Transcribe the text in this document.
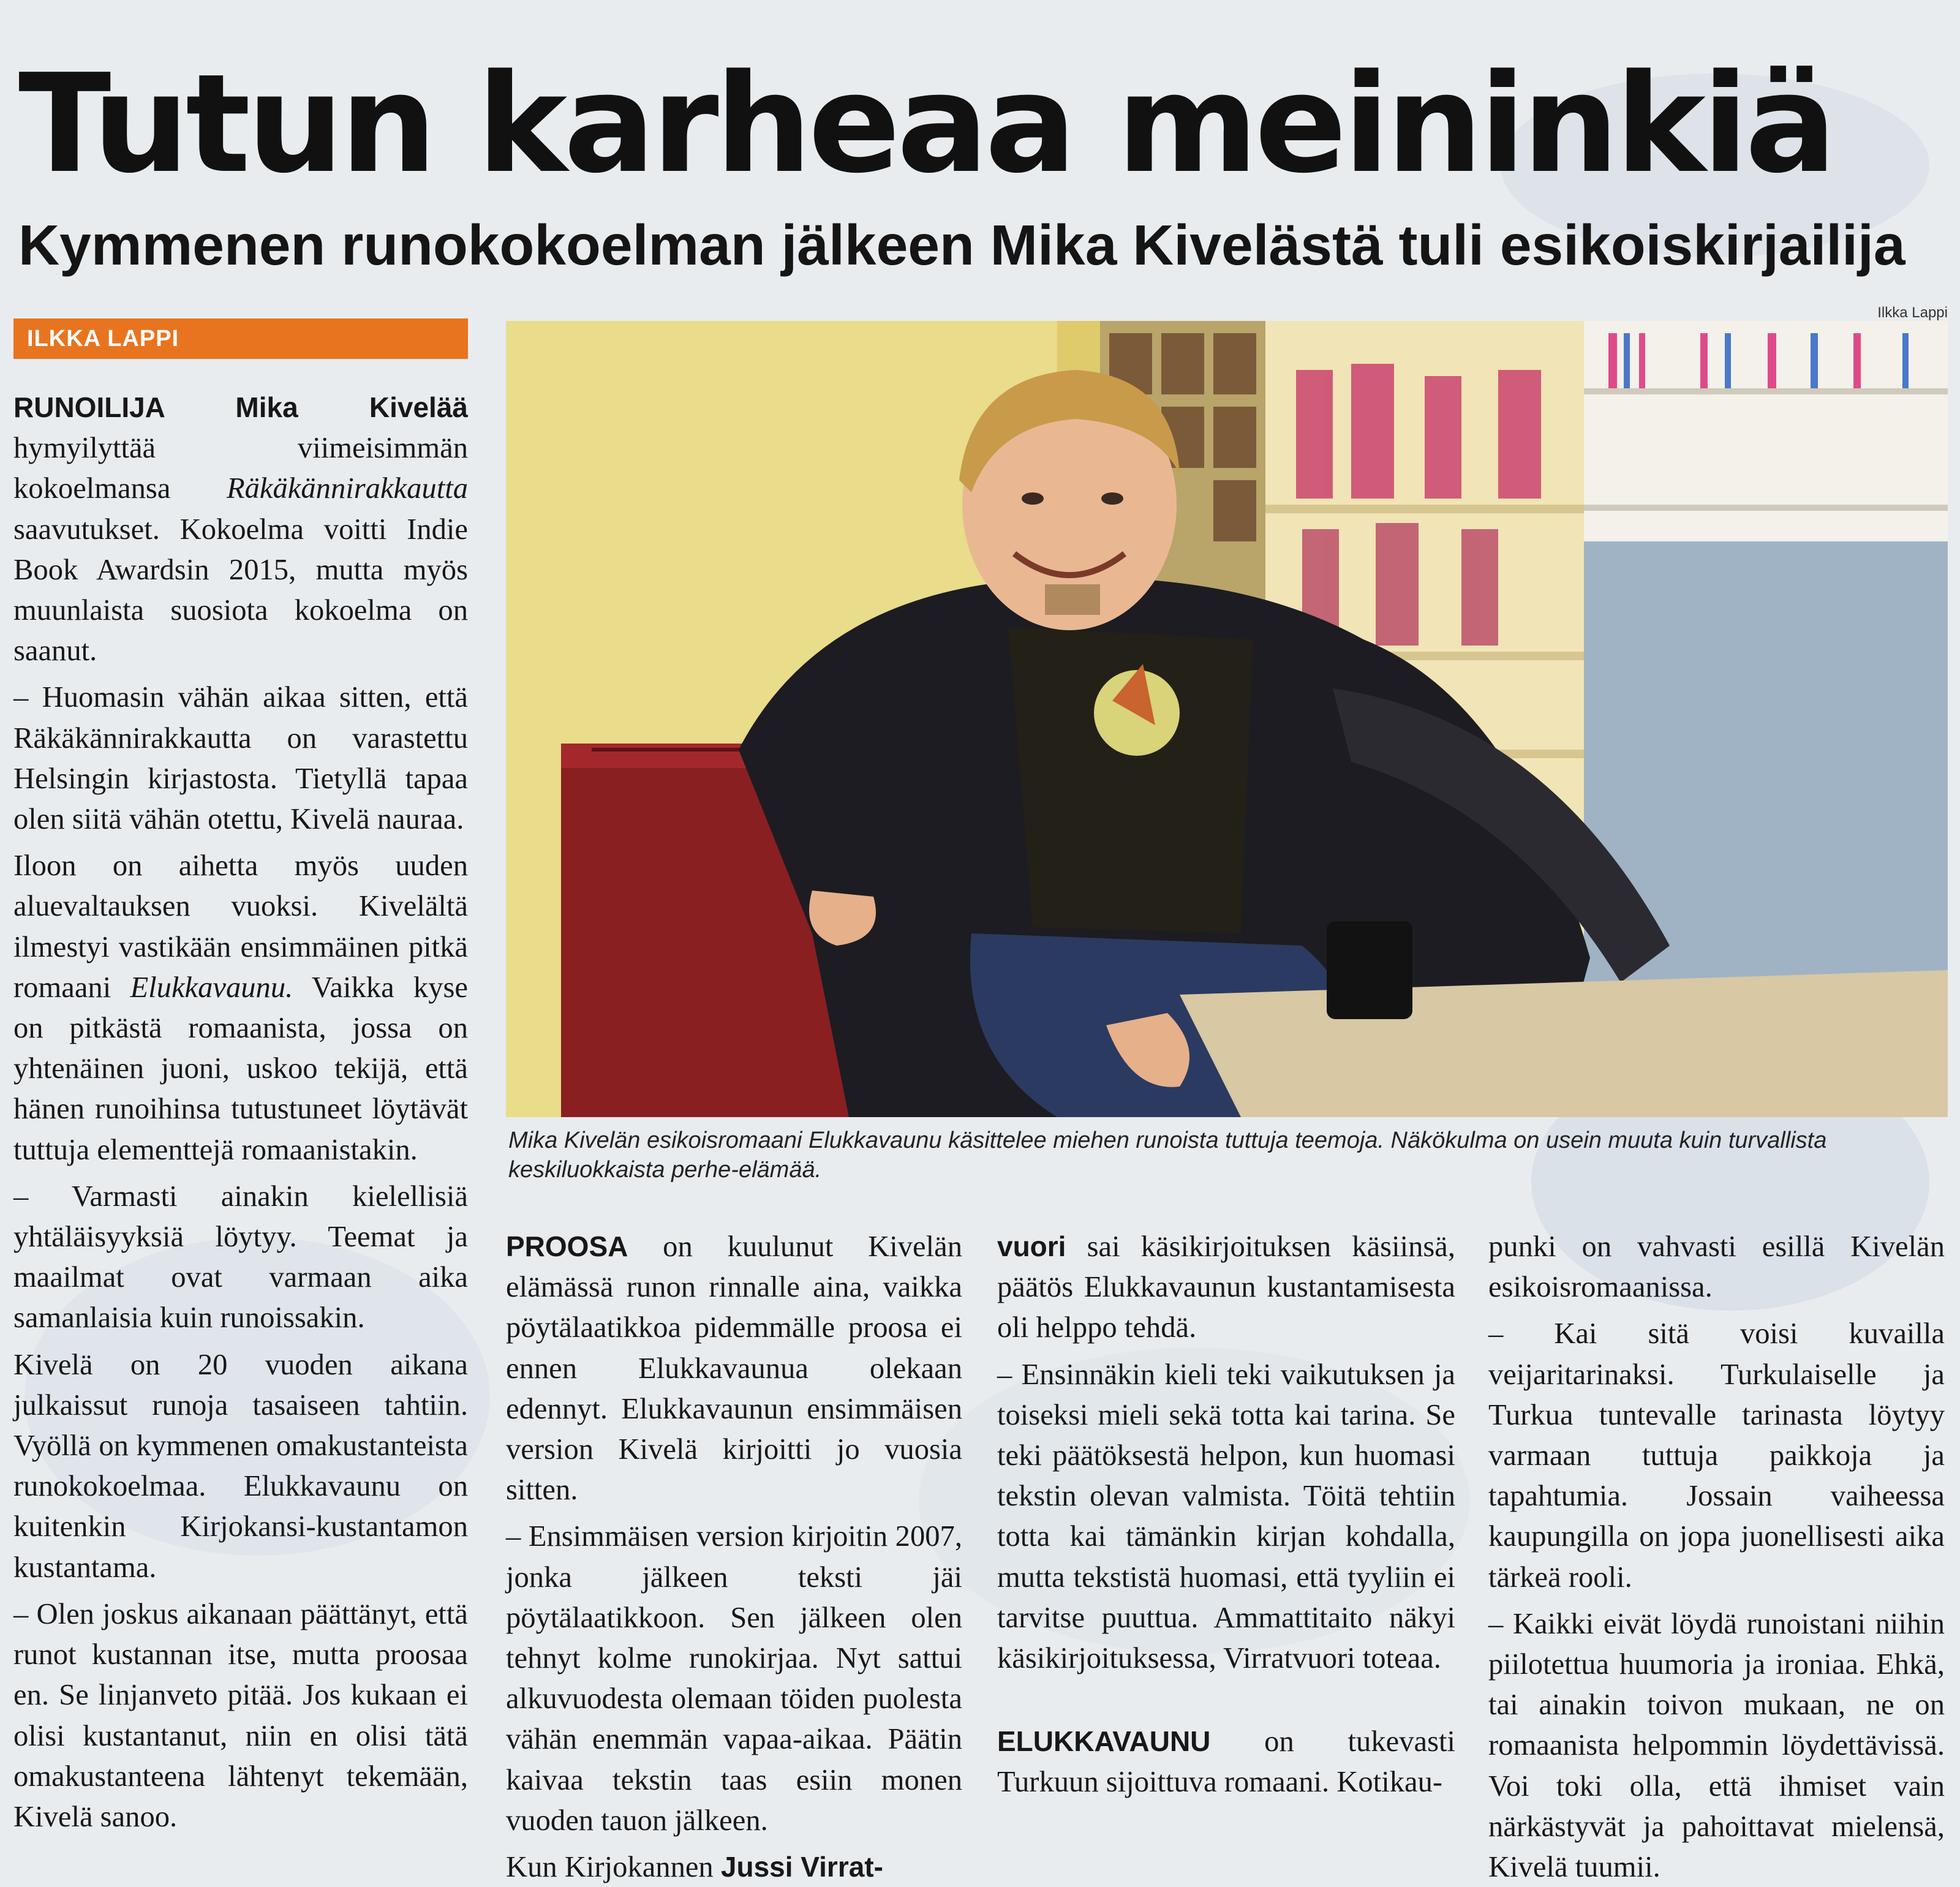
Tutun karheaa meininkiä
Kymmenen runokokoelman jälkeen Mika Kivelästä tuli esikoiskirjailija
ILKKA LAPPI
Ilkka Lappi

Mika Kivelän esikoisromaani Elukkavaunu käsittelee miehen runoista tuttuja teemoja. Näkökulma on usein muuta kuin turvallista keskiluokkaista perhe-elämää.

RUNOILIJA Mika Kivelää hymyilyttää viimeisimmän kokoelmansa Räkäkännirakkautta saavutukset. Kokoelma voitti Indie Book Awardsin 2015, mutta myös muunlaista suosiota kokoelma on saanut.

– Huomasin vähän aikaa sitten, että Räkäkännirakkautta on varastettu Helsingin kirjastosta. Tietyllä tapaa olen siitä vähän otettu, Kivelä nauraa.

Iloon on aihetta myös uuden aluevaltauksen vuoksi. Kivelältä ilmestyi vastikään ensimmäinen pitkä romaani Elukkavaunu. Vaikka kyse on pitkästä romaanista, jossa on yhtenäinen juoni, uskoo tekijä, että hänen runoihinsa tutustuneet löytävät tuttuja elementtejä romaanistakin.

– Varmasti ainakin kielellisiä yhtäläisyyksiä löytyy. Teemat ja maailmat ovat varmaan aika samanlaisia kuin runoissakin.

Kivelä on 20 vuoden aikana julkaissut runoja tasaiseen tahtiin. Vyöllä on kymmenen omakustanteista runokokoelmaa. Elukkavaunu on kuitenkin Kirjokansi-kustantamon kustantama.

– Olen joskus aikanaan päättänyt, että runot kustannan itse, mutta proosaa en. Se linjanveto pitää. Jos kukaan ei olisi kustantanut, niin en olisi tätä omakustanteena lähtenyt tekemään, Kivelä sanoo.

PROOSA on kuulunut Kivelän elämässä runon rinnalle aina, vaikka pöytälaatikkoa pidemmälle proosa ei ennen Elukkavaunua olekaan edennyt. Elukkavaunun ensimmäisen version Kivelä kirjoitti jo vuosia sitten.

– Ensimmäisen version kirjoitin 2007, jonka jälkeen teksti jäi pöytälaatikkoon. Sen jälkeen olen tehnyt kolme runokirjaa. Nyt sattui alkuvuodesta olemaan töiden puolesta vähän enemmän vapaa-aikaa. Päätin kaivaa tekstin taas esiin monen vuoden tauon jälkeen.

Kun Kirjokannen Jussi Virrat-

vuori sai käsikirjoituksen käsiinsä, päätös Elukkavaunun kustantamisesta oli helppo tehdä.

– Ensinnäkin kieli teki vaikutuksen ja toiseksi mieli sekä totta kai tarina. Se teki päätöksestä helpon, kun huomasi tekstin olevan valmista. Töitä tehtiin totta kai tämänkin kirjan kohdalla, mutta tekstistä huomasi, että tyyliin ei tarvitse puuttua. Ammattitaito näkyi käsikirjoituksessa, Virratvuori toteaa.

ELUKKAVAUNU on tukevasti Turkuun sijoittuva romaani. Kotikau-

punki on vahvasti esillä Kivelän esikoisromaanissa.

– Kai sitä voisi kuvailla veijaritarinaksi. Turkulaiselle ja Turkua tuntevalle tarinasta löytyy varmaan tuttuja paikkoja ja tapahtumia. Jossain vaiheessa kaupungilla on jopa juonellisesti aika tärkeä rooli.

– Kaikki eivät löydä runoistani niihin piilotettua huumoria ja ironiaa. Ehkä, tai ainakin toivon mukaan, ne on romaanista helpommin löydettävissä. Voi toki olla, että ihmiset vain närkästyvät ja pahoittavat mielensä, Kivelä tuumii.
